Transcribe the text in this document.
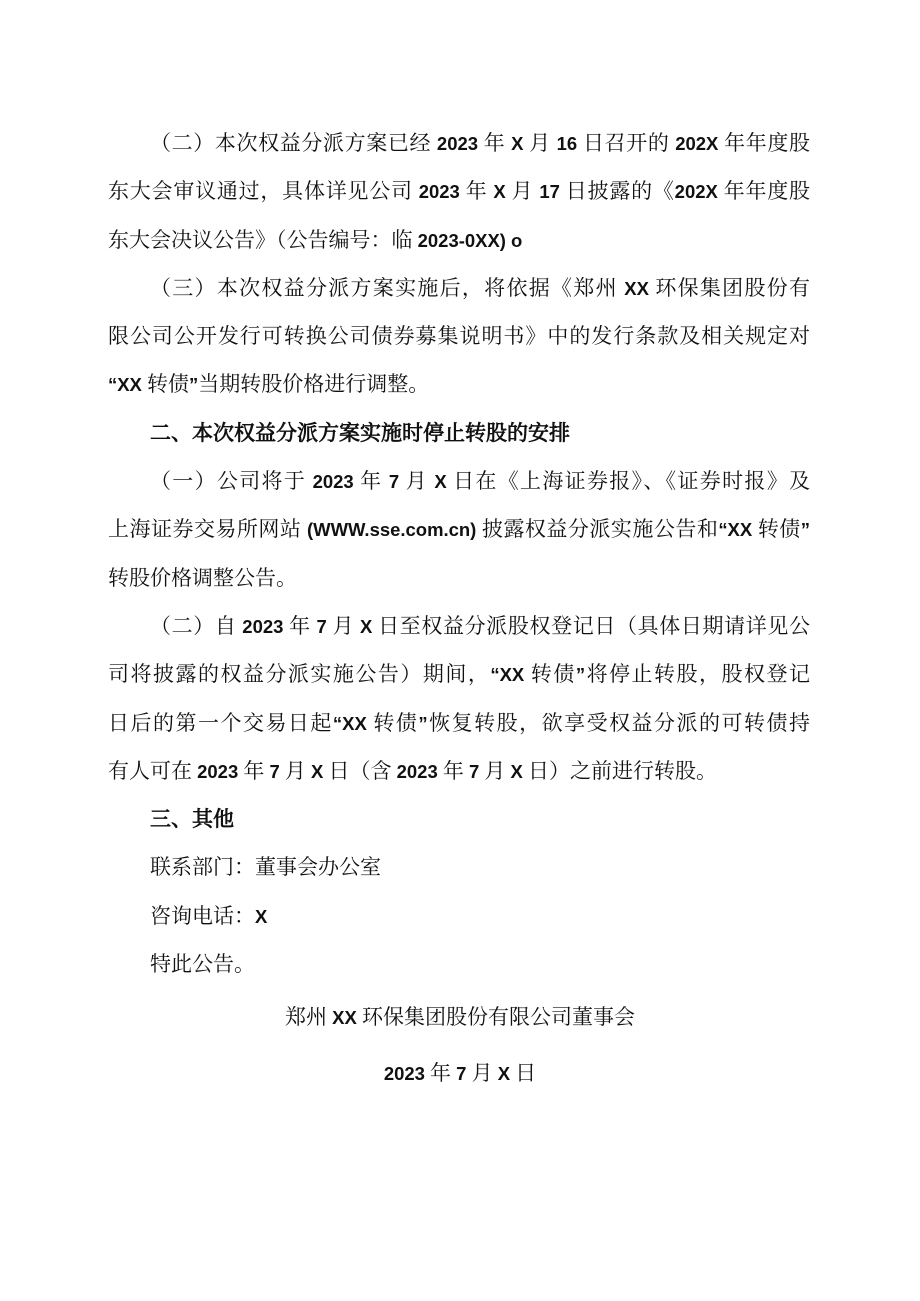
（二）本次权益分派方案已经 2023 年 X 月 16 日召开的 202X 年年度股
东大会审议通过，具体详见公司 2023 年 X 月 17 日披露的《202X 年年度股
东大会决议公告》（公告编号：临 2023-0XX) o
（三）本次权益分派方案实施后，将依据《郑州 XX 环保集团股份有
限公司公开发行可转换公司债券募集说明书》中的发行条款及相关规定对
“XX 转债”当期转股价格进行调整。
二、本次权益分派方案实施时停止转股的安排
（一）公司将于 2023 年 7 月 X 日在《上海证券报》、《证券时报》及
上海证券交易所网站 (WWW.sse.com.cn) 披露权益分派实施公告和“XX 转债”
转股价格调整公告。
（二）自 2023 年 7 月 X 日至权益分派股权登记日（具体日期请详见公
司将披露的权益分派实施公告）期间，“XX 转债”将停止转股，股权登记
日后的第一个交易日起“XX 转债”恢复转股，欲享受权益分派的可转债持
有人可在 2023 年 7 月 X 日（含 2023 年 7 月 X 日）之前进行转股。
三、其他
联系部门：董事会办公室
咨询电话：X
特此公告。
郑州 XX 环保集团股份有限公司董事会
2023 年 7 月 X 日
